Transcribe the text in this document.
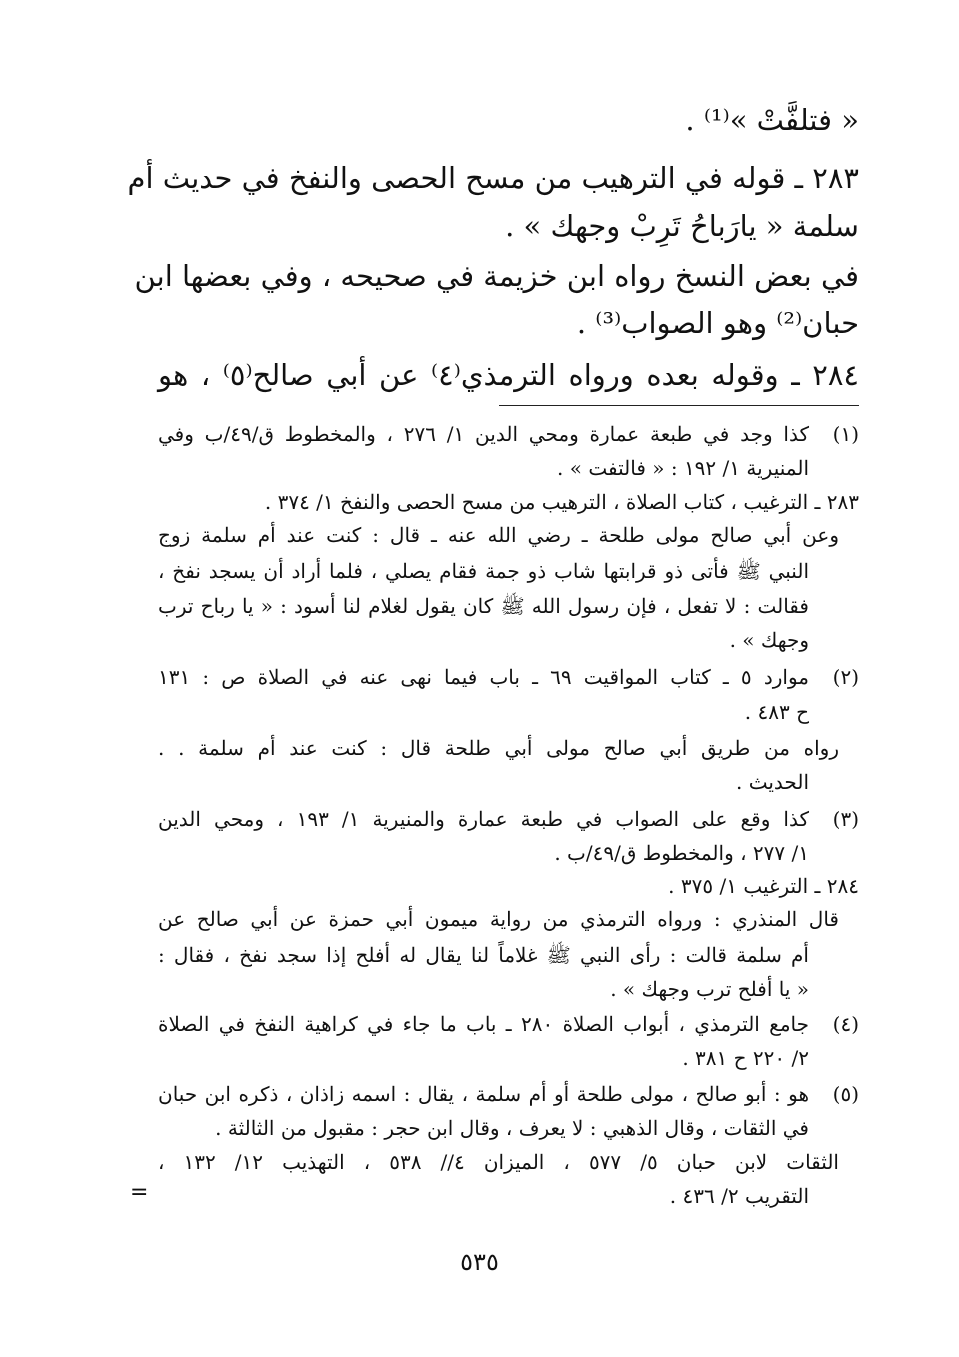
« فتلفَّتْ »⁽¹⁾ .
٢٨٣ ـ قوله في الترهيب من مسح الحصى والنفخ في حديث أم
سلمة « يارَباحُ تَرِبْ وجهك » .
في بعض النسخ رواه ابن خزيمة في صحيحه ، وفي بعضها ابن
حبان⁽²⁾ وهو الصواب⁽³⁾ .
٢٨٤ ـ وقوله بعده ورواه الترمذي⁽٤⁾ عن أبي صالح⁽٥⁾ ، هو
(١)
كذا وجد في طبعة عمارة ومحي الدين ١/ ٢٧٦ ، والمخطوط ق/٤٩/ب وفي
المنيرية ١/ ١٩٢ : « فالتفت » .
٢٨٣ ـ الترغيب ، كتاب الصلاة ، الترهيب من مسح الحصى والنفخ ١/ ٣٧٤ .
وعن أبي صالح مولى طلحة ـ رضي الله عنه ـ قال : كنت عند أم سلمة زوج
النبي ﷺ فأتى ذو قرابتها شاب ذو جمة فقام يصلي ، فلما أراد أن يسجد نفخ ،
فقالت : لا تفعل ، فإن رسول الله ﷺ كان يقول لغلام لنا أسود : « يا رباح ترب
وجهك » .
(٢)
موارد ٥ ـ كتاب المواقيت ٦٩ ـ باب فيما نهى عنه في الصلاة ص : ١٣١
ح ٤٨٣ .
رواه من طريق أبي صالح مولى أبي طلحة قال : كنت عند أم سلمة . .
الحديث .
(٣)
كذا وقع على الصواب في طبعة عمارة والمنيرية ١/ ١٩٣ ، ومحي الدين
١/ ٢٧٧ ، والمخطوط ق/٤٩/ب .
٢٨٤ ـ الترغيب ١/ ٣٧٥ .
قال المنذري : ورواه الترمذي من رواية ميمون أبي حمزة عن أبي صالح عن
أم سلمة قالت : رأى النبي ﷺ غلاماً لنا يقال له أفلح إذا سجد نفخ ، فقال :
« يا أفلح ترب وجهك » .
(٤)
جامع الترمذي ، أبواب الصلاة ٢٨٠ ـ باب ما جاء في كراهية النفخ في الصلاة
٢/ ٢٢٠ ح ٣٨١ .
(٥)
هو : أبو صالح ، مولى طلحة أو أم سلمة ، يقال : اسمه زاذان ، ذكره ابن حبان
في الثقات ، وقال الذهبي : لا يعرف ، وقال ابن حجر : مقبول من الثالثة .
الثقات لابن حبان ٥/ ٥٧٧ ، الميزان ٤// ٥٣٨ ، التهذيب ١٢/ ١٣٢ ،
التقريب ٢/ ٤٣٦ .
=
٥٣٥
